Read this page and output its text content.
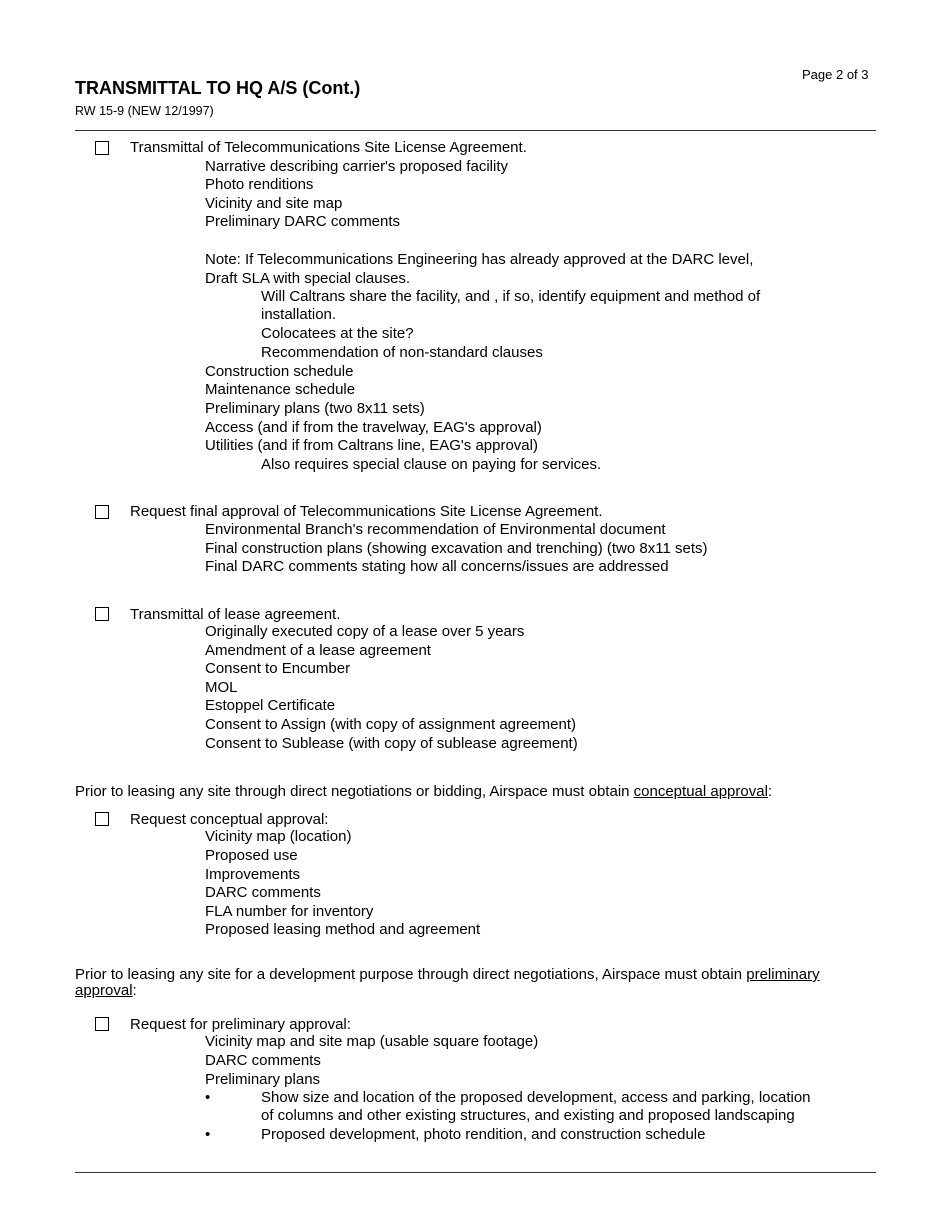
Page 2 of 3
TRANSMITTAL TO HQ A/S (Cont.)
RW 15-9 (NEW 12/1997)
Transmittal of Telecommunications Site License Agreement.
Narrative describing carrier's proposed facility
Photo renditions
Vicinity and site map
Preliminary DARC comments
Note: If Telecommunications Engineering has already approved at the DARC level,
Draft SLA with special clauses.
Will Caltrans share the facility, and , if so, identify equipment and method of
installation.
Colocatees at the site?
Recommendation of non-standard clauses
Construction schedule
Maintenance schedule
Preliminary plans (two 8x11 sets)
Access (and if from the travelway, EAG's approval)
Utilities (and if from Caltrans line, EAG's approval)
Also requires special clause on paying for services.
Request final approval of Telecommunications Site License Agreement.
Environmental Branch's recommendation of Environmental document
Final construction plans (showing excavation and trenching) (two 8x11 sets)
Final DARC comments stating how all concerns/issues are addressed
Transmittal of lease agreement.
Originally executed copy of a lease over 5 years
Amendment of a lease agreement
Consent to Encumber
MOL
Estoppel Certificate
Consent to Assign (with copy of assignment agreement)
Consent to Sublease (with copy of sublease agreement)
Prior to leasing any site through direct negotiations or bidding, Airspace must obtain conceptual approval:
Request conceptual approval:
Vicinity map (location)
Proposed use
Improvements
DARC comments
FLA number for inventory
Proposed leasing method and agreement
Prior to leasing any site for a development purpose through direct negotiations, Airspace must obtain preliminary
approval:
Request for preliminary approval:
Vicinity map and site map (usable square footage)
DARC comments
Preliminary plans
•	Show size and location of the proposed development, access and parking, location
of columns and other existing structures, and existing and proposed landscaping
•	Proposed development, photo rendition, and construction schedule
